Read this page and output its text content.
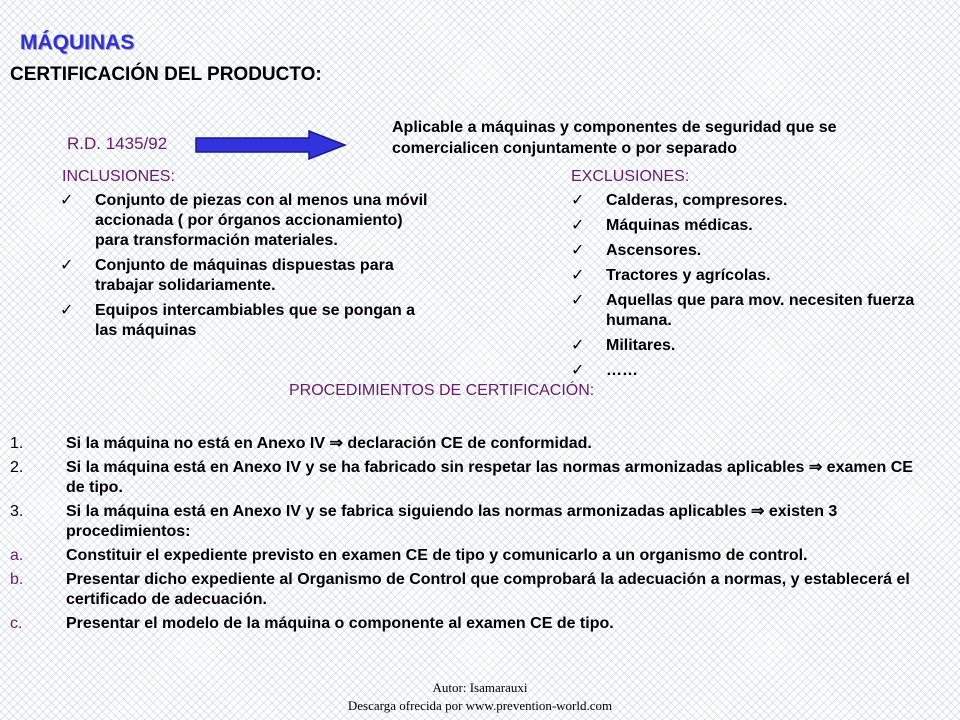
MÁQUINAS
CERTIFICACIÓN DEL PRODUCTO:
R.D. 1435/92
Aplicable a máquinas y componentes de seguridad que se comercialicen conjuntamente o por separado
INCLUSIONES:
✓ Conjunto de piezas con al menos una móvil accionada ( por órganos accionamiento) para transformación materiales.
✓ Conjunto de máquinas dispuestas para trabajar solidariamente.
✓ Equipos intercambiables que se pongan a las máquinas
EXCLUSIONES:
✓ Calderas, compresores.
✓ Máquinas médicas.
✓ Ascensores.
✓ Tractores y agrícolas.
✓ Aquellas que para mov. necesiten fuerza humana.
✓ Militares.
✓ ……
PROCEDIMIENTOS DE CERTIFICACIÓN:
1.	Si la máquina no está en Anexo IV ⇒ declaración CE de conformidad.
2.	Si la máquina está en Anexo IV y se ha fabricado sin respetar las normas armonizadas aplicables ⇒ examen CE de tipo.
3.	Si la máquina está en Anexo IV y se fabrica siguiendo las normas armonizadas aplicables ⇒ existen 3 procedimientos:
a.	Constituir el expediente previsto en examen CE de tipo y comunicarlo a un organismo de control.
b.	Presentar dicho expediente al Organismo de Control que comprobará la adecuación a normas, y establecerá el certificado de adecuación.
c.	Presentar el modelo de la máquina o componente al examen CE de tipo.
Autor: Isamarauxi
Descarga ofrecida por www.prevention-world.com
